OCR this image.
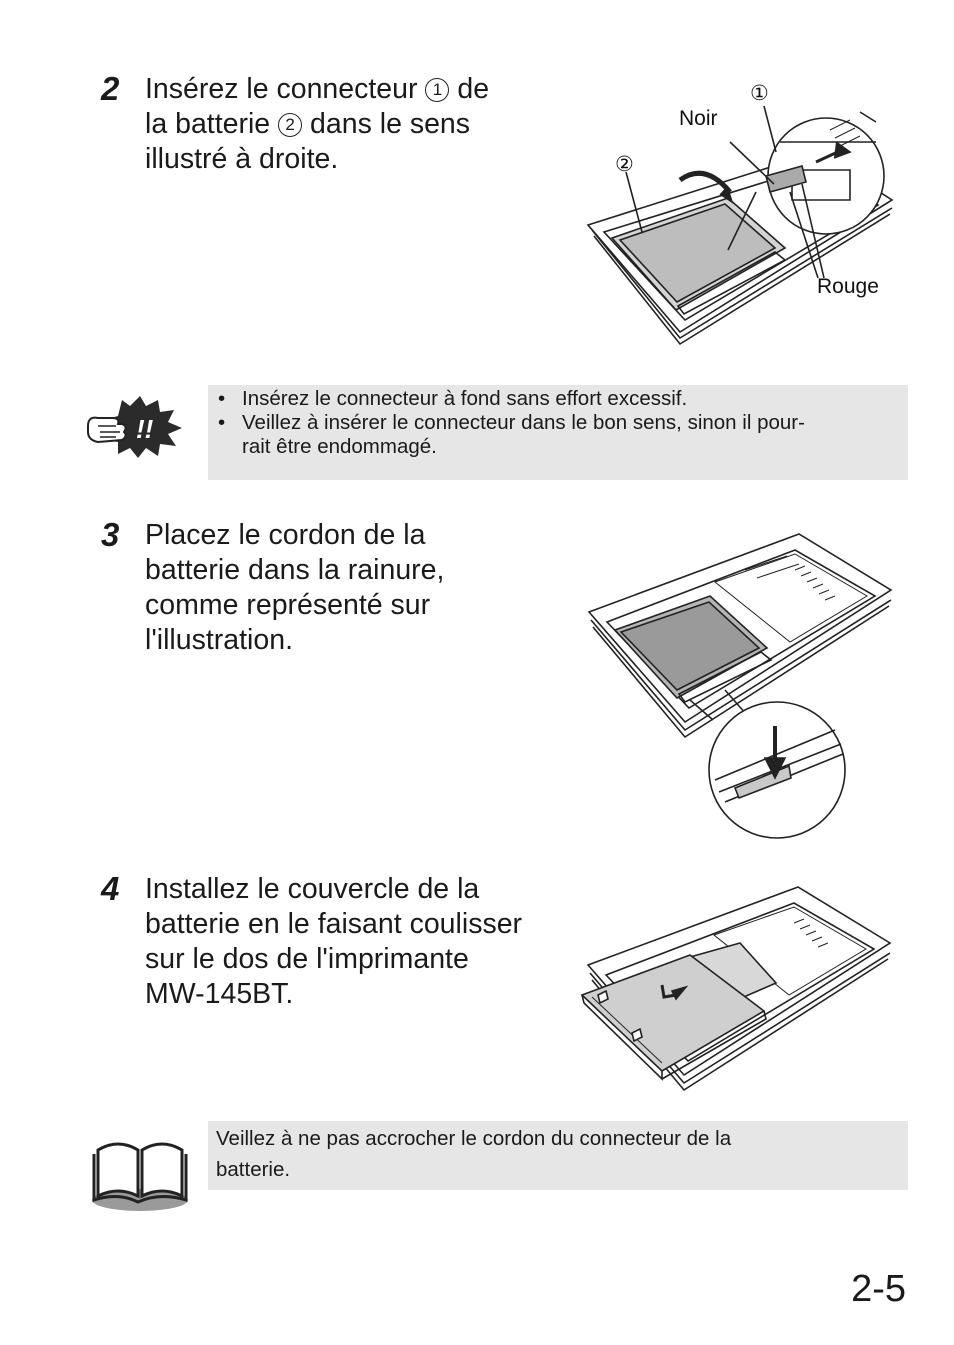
2 Insérez le connecteur 1 de

la batterie 2 dans le sens

illustré à droite.

Noir
Rouge
①
②
!!
• Insérez le connecteur à fond sans effort excessif.
• Veillez à insérer le connecteur dans le bon sens, sinon il pour-
rait être endommagé.
3 Placez le cordon de la

batterie dans la rainure,

comme représenté sur

l'illustration.

4 Installez le couvercle de la

batterie en le faisant coulisser

sur le dos de l'imprimante

MW-145BT.

Veillez à ne pas accrocher le cordon du connecteur de la
batterie.
2-5
